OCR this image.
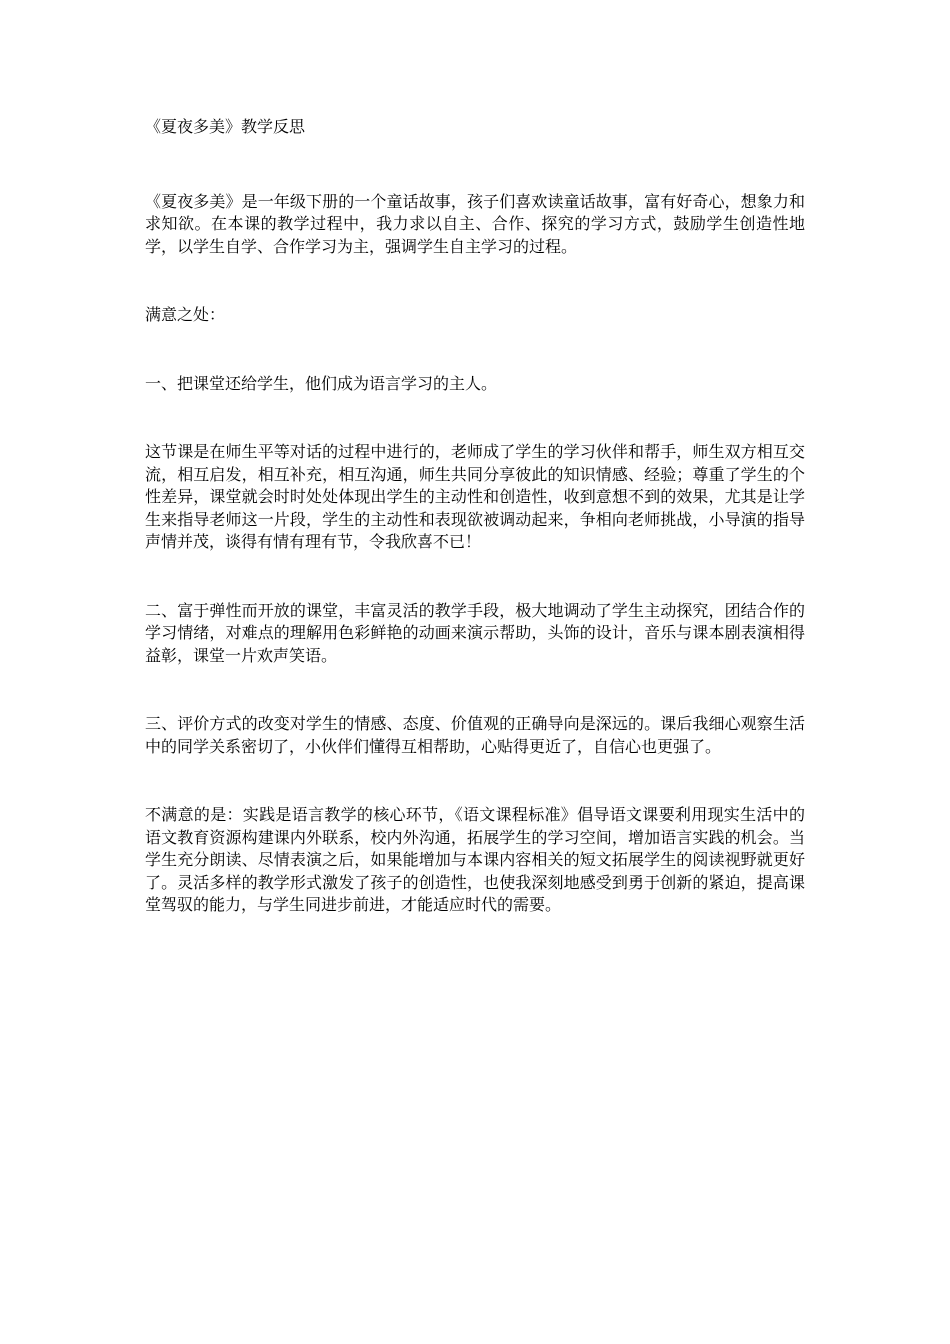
《夏夜多美》教学反思

《夏夜多美》是一年级下册的一个童话故事，孩子们喜欢读童话故事，富有好奇心，想象力和求知欲。在本课的教学过程中，我力求以自主、合作、探究的学习方式，鼓励学生创造性地学，以学生自学、合作学习为主，强调学生自主学习的过程。

满意之处：

一、把课堂还给学生，他们成为语言学习的主人。

这节课是在师生平等对话的过程中进行的，老师成了学生的学习伙伴和帮手，师生双方相互交流，相互启发，相互补充，相互沟通，师生共同分享彼此的知识情感、经验；尊重了学生的个性差异，课堂就会时时处处体现出学生的主动性和创造性，收到意想不到的效果，尤其是让学生来指导老师这一片段，学生的主动性和表现欲被调动起来，争相向老师挑战，小导演的指导声情并茂，谈得有情有理有节，令我欣喜不已！

二、富于弹性而开放的课堂，丰富灵活的教学手段，极大地调动了学生主动探究，团结合作的学习情绪，对难点的理解用色彩鲜艳的动画来演示帮助，头饰的设计，音乐与课本剧表演相得益彰，课堂一片欢声笑语。

三、评价方式的改变对学生的情感、态度、价值观的正确导向是深远的。课后我细心观察生活中的同学关系密切了，小伙伴们懂得互相帮助，心贴得更近了，自信心也更强了。

不满意的是：实践是语言教学的核心环节，《语文课程标准》倡导语文课要利用现实生活中的语文教育资源构建课内外联系，校内外沟通，拓展学生的学习空间，增加语言实践的机会。当学生充分朗读、尽情表演之后，如果能增加与本课内容相关的短文拓展学生的阅读视野就更好了。灵活多样的教学形式激发了孩子的创造性，也使我深刻地感受到勇于创新的紧迫，提高课堂驾驭的能力，与学生同进步前进，才能适应时代的需要。
